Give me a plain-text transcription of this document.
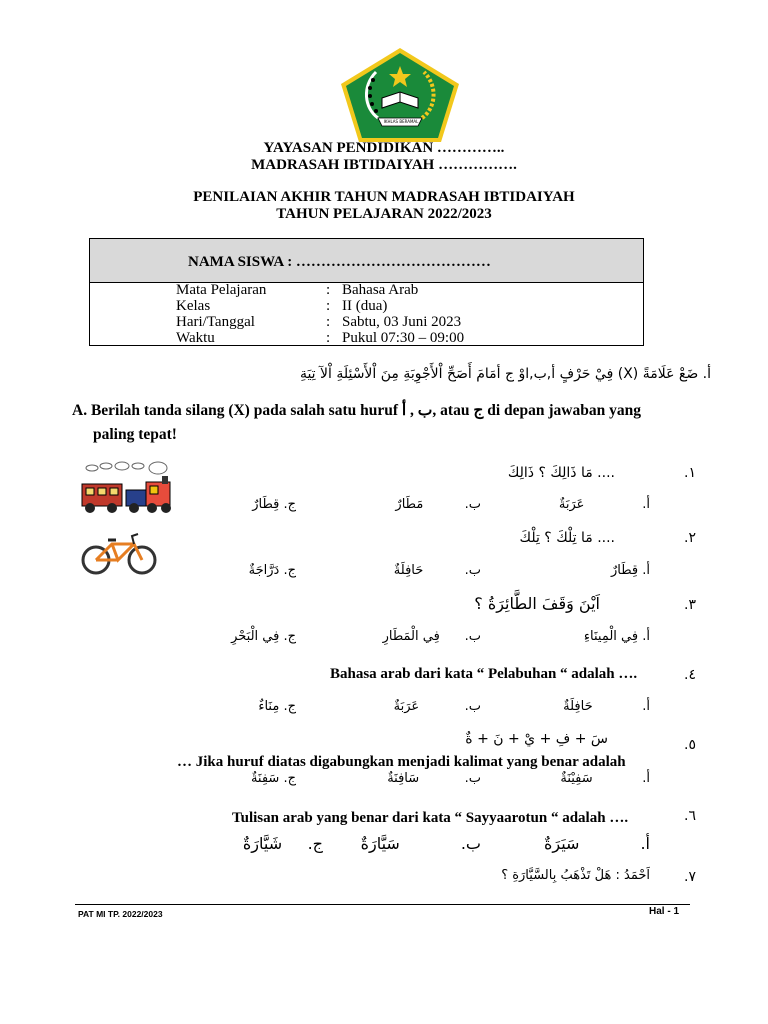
IKHLAS BERAMAL
YAYASAN PENDIDIKAN …………..
MADRASAH IBTIDAIYAH …………….
PENILAIAN AKHIR TAHUN MADRASAH IBTIDAIYAH
TAHUN PELAJARAN 2022/2023
NAMA SISWA : …………………………………
Mata Pelajaran	: Bahasa Arab
Kelas	: II (dua)
Hari/Tanggal	: Sabtu, 03 Juni 2023
Waktu	: Pukul 07:30 – 09:00
أ. ضَعْ عَلَامَةً (X) فِيْ حَرْفٍ أ,ب,اوْ ج أمَامَ أَصَحِّ اْلأَجْوِبَةِ مِنَ اْلأَسْئِلَةِ اْلآ تِيَةِ
A. Berilah tanda silang (X) pada salah satu huruf ب , أ, atau ج di depan jawaban yang
paling tepat!
١.
.... مَا ذَالِكَ ؟ ذَالِكَ
أ.              عَرَبَةٌ
ب.          مَطَارٌ
ج. قِطَارٌ
٢.
.... مَا تِلْكَ ؟ تِلْكَ
أ. قِطَارٌ
ب.          حَافِلَةٌ
ج. دَرَّاجَةٌ
٣.
اَيْنَ وَقَفَ الطَّائِرَةُ ؟
أ. فِي الْمِينَاءِ
ب.      فِي الْمَطَارِ
ج. فِي الْبَحْرِ
٤.
Bahasa arab dari kata “ Pelabuhan “ adalah ….
أ.            حَافِلَةٌ
ب.           عَرَبَةٌ
ج. مِنَاءٌ
٥.
سَ + فِ + يْ + نَ + ةٌ
… Jika huruf diatas digabungkan menjadi kalimat yang benar adalah
أ.            سَفِيْنَةٌ
ب.           سَافِنَةٌ
ج. سَفِنَةٌ
٦.
Tulisan arab yang benar dari kata “ Sayyaarotun “ adalah ….
أ.            سَيَرَةٌ
ب.            سَيَّارَةٌ
ج.     شَيَّارَةٌ
٧.
اَحْمَدُ : هَلْ تَذْهَبُ بِالسَّيَّارَةِ ؟
PAT MI TP. 2022/2023	Hal - 1
